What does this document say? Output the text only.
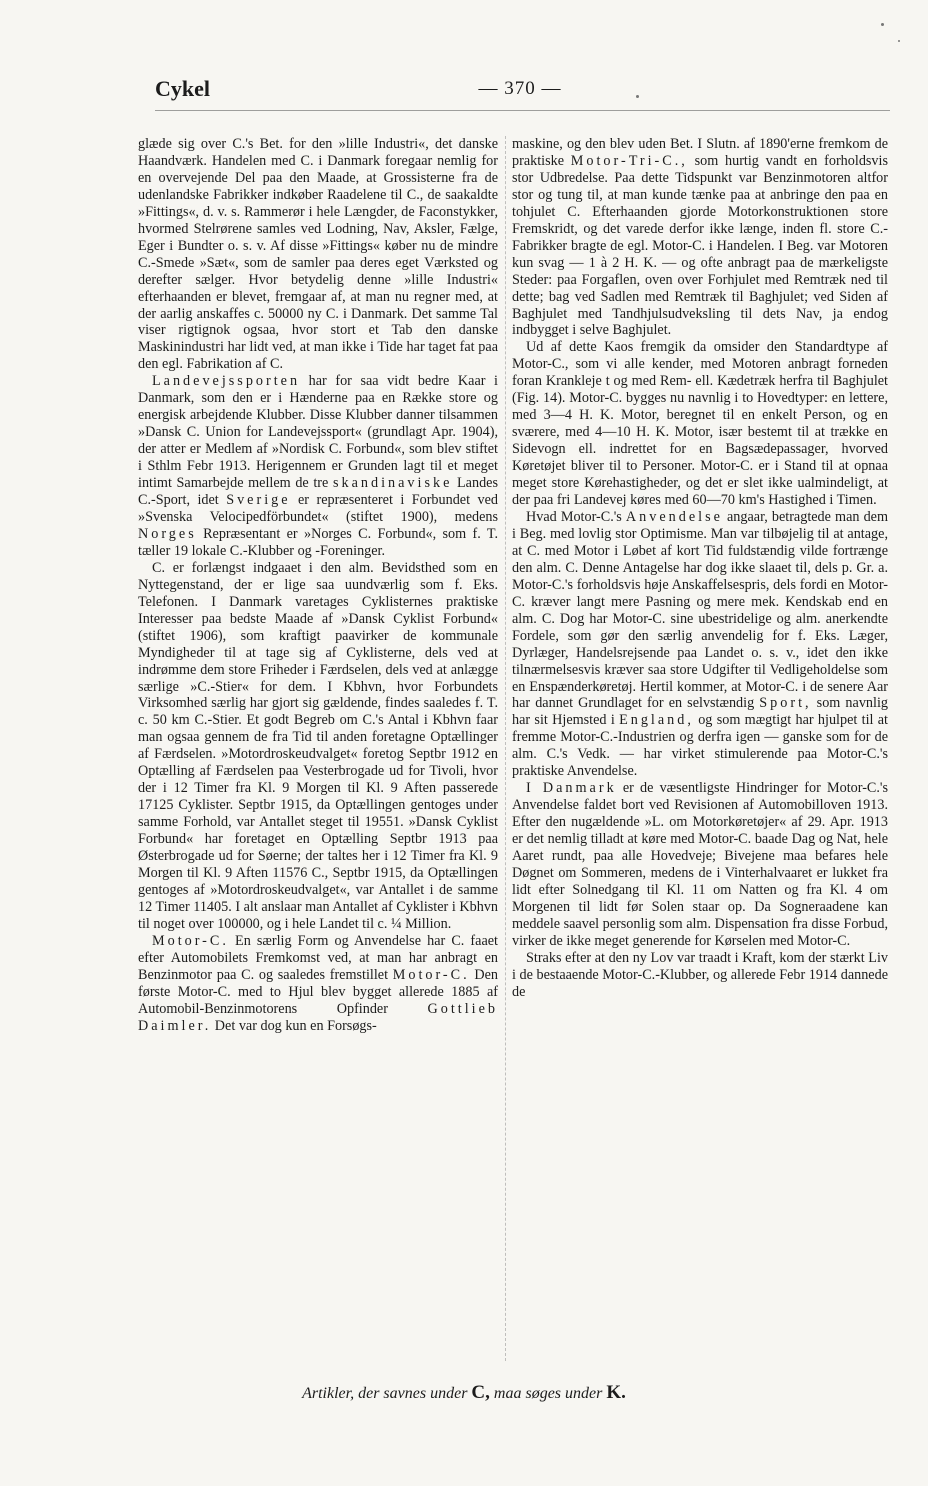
Cykel	— 370 —

glæde sig over C.'s Bet. for den »lille Industri«, det danske Haandværk. Handelen med C. i Danmark foregaar nemlig for en overvejende Del paa den Maade, at Grossisterne fra de udenlandske Fabrikker indkøber Raadelene til C., de saakaldte »Fittings«, d. v. s. Rammerør i hele Længder, de Faconstykker, hvormed Stelrørene samles ved Lodning, Nav, Aksler, Fælge, Eger i Bundter o. s. v. Af disse »Fittings« køber nu de mindre C.-Smede »Sæt«, som de samler paa deres eget Værksted og derefter sælger. Hvor betydelig denne »lille Industri« efterhaanden er blevet, fremgaar af, at man nu regner med, at der aarlig anskaffes c. 50000 ny C. i Danmark. Det samme Tal viser rigtignok ogsaa, hvor stort et Tab den danske Maskinindustri har lidt ved, at man ikke i Tide har taget fat paa den egl. Fabrikation af C.

Landevejssporten har for saa vidt bedre Kaar i Danmark, som den er i Hænderne paa en Række store og energisk arbejdende Klubber. Disse Klubber danner tilsammen »Dansk C. Union for Landevejssport« (grundlagt Apr. 1904), der atter er Medlem af »Nordisk C. Forbund«, som blev stiftet i Sthlm Febr 1913. Herigennem er Grunden lagt til et meget intimt Samarbejde mellem de tre skandinaviske Landes C.-Sport, idet Sverige er repræsenteret i Forbundet ved »Svenska Velocipedförbundet« (stiftet 1900), medens Norges Repræsentant er »Norges C. Forbund«, som f. T. tæller 19 lokale C.-Klubber og -Foreninger.

C. er forlængst indgaaet i den alm. Bevidsthed som en Nyttegenstand, der er lige saa uundværlig som f. Eks. Telefonen. I Danmark varetages Cyklisternes praktiske Interesser paa bedste Maade af »Dansk Cyklist Forbund« (stiftet 1906), som kraftigt paavirker de kommunale Myndigheder til at tage sig af Cyklisterne, dels ved at indrømme dem store Friheder i Færdselen, dels ved at anlægge særlige »C.-Stier« for dem. I Kbhvn, hvor Forbundets Virksomhed særlig har gjort sig gældende, findes saaledes f. T. c. 50 km C.-Stier. Et godt Begreb om C.'s Antal i Kbhvn faar man ogsaa gennem de fra Tid til anden foretagne Optællinger af Færdselen. »Motordroskeudvalget« foretog Septbr 1912 en Optælling af Færdselen paa Vesterbrogade ud for Tivoli, hvor der i 12 Timer fra Kl. 9 Morgen til Kl. 9 Aften passerede 17125 Cyklister. Septbr 1915, da Optællingen gentoges under samme Forhold, var Antallet steget til 19551. »Dansk Cyklist Forbund« har foretaget en Optælling Septbr 1913 paa Østerbrogade ud for Søerne; der taltes her i 12 Timer fra Kl. 9 Morgen til Kl. 9 Aften 11576 C., Septbr 1915, da Optællingen gentoges af »Motordroskeudvalget«, var Antallet i de samme 12 Timer 11405. I alt anslaar man Antallet af Cyklister i Kbhvn til noget over 100000, og i hele Landet til c. ¼ Million.

Motor-C. En særlig Form og Anvendelse har C. faaet efter Automobilets Fremkomst ved, at man har anbragt en Benzinmotor paa C. og saaledes fremstillet Motor-C. Den første Motor-C. med to Hjul blev bygget allerede 1885 af Automobil-Benzinmotorens Opfinder Gottlieb Daimler. Det var dog kun en Forsøgs-

maskine, og den blev uden Bet. I Slutn. af 1890'erne fremkom de praktiske Motor-Tri-C., som hurtig vandt en forholdsvis stor Udbredelse. Paa dette Tidspunkt var Benzinmotoren altfor stor og tung til, at man kunde tænke paa at anbringe den paa en tohjulet C. Efterhaanden gjorde Motorkonstruktionen store Fremskridt, og det varede derfor ikke længe, inden fl. store C.-Fabrikker bragte de egl. Motor-C. i Handelen. I Beg. var Motoren kun svag — 1 à 2 H. K. — og ofte anbragt paa de mærkeligste Steder: paa Forgaflen, oven over Forhjulet med Remtræk ned til dette; bag ved Sadlen med Remtræk til Baghjulet; ved Siden af Baghjulet med Tandhjulsudveksling til dets Nav, ja endog indbygget i selve Baghjulet.

Ud af dette Kaos fremgik da omsider den Standardtype af Motor-C., som vi alle kender, med Motoren anbragt forneden foran Krankleje t og med Rem- ell. Kædetræk herfra til Baghjulet (Fig. 14). Motor-C. bygges nu navnlig i to Hovedtyper: en lettere, med 3—4 H. K. Motor, beregnet til en enkelt Person, og en sværere, med 4—10 H. K. Motor, især bestemt til at trække en Sidevogn ell. indrettet for en Bagsædepassager, hvorved Køretøjet bliver til to Personer. Motor-C. er i Stand til at opnaa meget store Kørehastigheder, og det er slet ikke ualmindeligt, at der paa fri Landevej køres med 60—70 km's Hastighed i Timen.

Hvad Motor-C.'s Anvendelse angaar, betragtede man dem i Beg. med lovlig stor Optimisme. Man var tilbøjelig til at antage, at C. med Motor i Løbet af kort Tid fuldstændig vilde fortrænge den alm. C. Denne Antagelse har dog ikke slaaet til, dels p. Gr. a. Motor-C.'s forholdsvis høje Anskaffelsespris, dels fordi en Motor-C. kræver langt mere Pasning og mere mek. Kendskab end en alm. C. Dog har Motor-C. sine ubestridelige og alm. anerkendte Fordele, som gør den særlig anvendelig for f. Eks. Læger, Dyrlæger, Handelsrejsende paa Landet o. s. v., idet den ikke tilnærmelsesvis kræver saa store Udgifter til Vedligeholdelse som en Enspænderkøretøj. Hertil kommer, at Motor-C. i de senere Aar har dannet Grundlaget for en selvstændig Sport, som navnlig har sit Hjemsted i England, og som mægtigt har hjulpet til at fremme Motor-C.-Industrien og derfra igen — ganske som for de alm. C.'s Vedk. — har virket stimulerende paa Motor-C.'s praktiske Anvendelse.

I Danmark er de væsentligste Hindringer for Motor-C.'s Anvendelse faldet bort ved Revisionen af Automobilloven 1913. Efter den nugældende »L. om Motorkøretøjer« af 29. Apr. 1913 er det nemlig tilladt at køre med Motor-C. baade Dag og Nat, hele Aaret rundt, paa alle Hovedveje; Bivejene maa befares hele Døgnet om Sommeren, medens de i Vinterhalvaaret er lukket fra lidt efter Solnedgang til Kl. 11 om Natten og fra Kl. 4 om Morgenen til lidt før Solen staar op. Da Sogneraadene kan meddele saavel personlig som alm. Dispensation fra disse Forbud, virker de ikke meget generende for Kørselen med Motor-C.

Straks efter at den ny Lov var traadt i Kraft, kom der stærkt Liv i de bestaaende Motor-C.-Klubber, og allerede Febr 1914 dannede de

Artikler, der savnes under C, maa søges under K.
